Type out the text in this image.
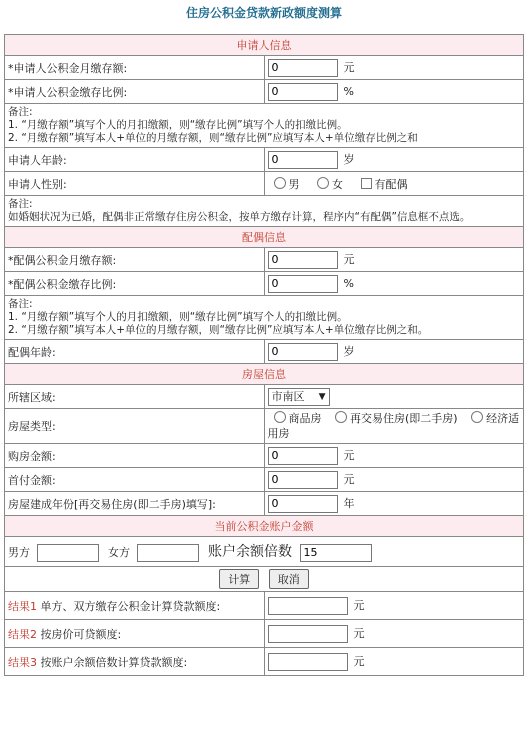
住房公积金贷款新政额度测算
申请人信息	
*申请人公积金月缴存额:	0元
*申请人公积金缴存比例:	0%

备注:
1. “月缴存额”填写个人的月扣缴额，则“缴存比例”填写个人的扣缴比例。
2. “月缴存额”填写本人+单位的月缴存额，则“缴存比例”应填写本人+单位缴存比例之和	

申请人年龄:	0岁
申请人性别:	男 女 有配偶

备注:
如婚姻状况为已婚，配偶非正常缴存住房公积金，按单方缴存计算，程序内“有配偶”信息框不点选。	

配偶信息	
*配偶公积金月缴存额:	0元
*配偶公积金缴存比例:	0%

备注:
1. “月缴存额”填写个人的月扣缴额，则“缴存比例”填写个人的扣缴比例。
2. “月缴存额”填写本人+单位的月缴存额，则“缴存比例”应填写本人+单位缴存比例之和。	

配偶年龄:	0岁
房屋信息	
所辖区域:	市南区 ▼

房屋类型:	商品房 再交易住房(即二手房) 经济适用房
购房金额:	0元
首付金额:	0元
房屋建成年份[再交易住房(即二手房)填写]:	0年
当前公积金账户金额	
男方 女方 账户余额倍数 15
计算 取消	
结果1 单方、双方缴存公积金计算贷款额度:	元
结果2 按房价可贷额度:	元
结果3 按账户余额倍数计算贷款额度:	元
